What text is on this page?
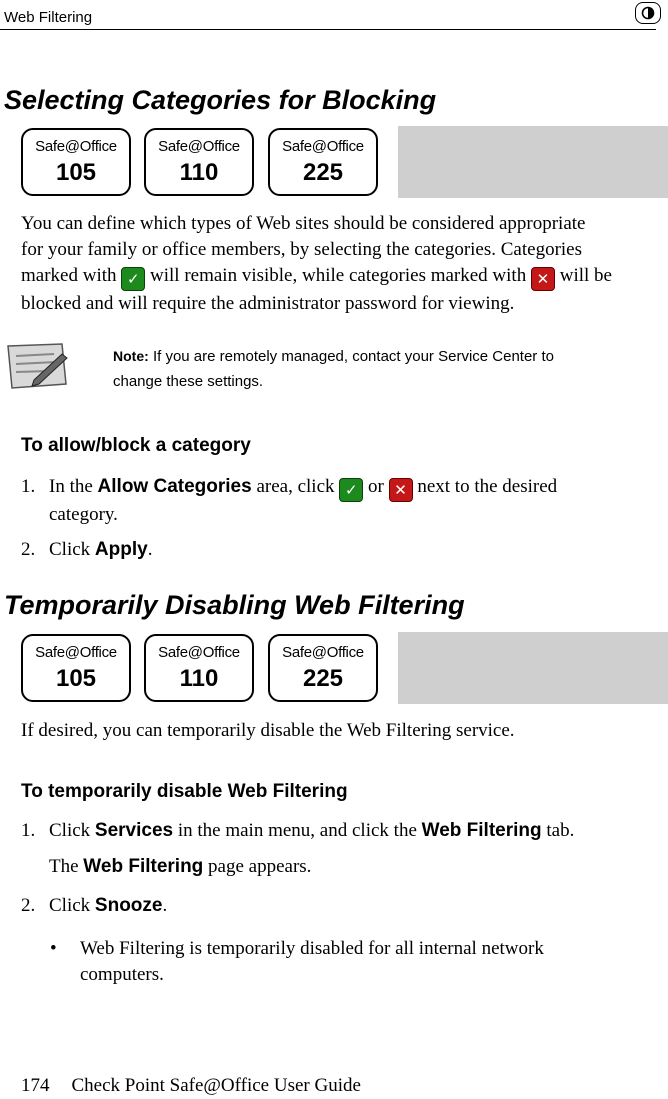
Web Filtering
Selecting Categories for Blocking
Safe@Office
105
Safe@Office
110
Safe@Office
225

You can define which types of Web sites should be considered appropriate
for your family or office members, by selecting the categories. Categories
marked with ✓ will remain visible, while categories marked with ✕ will be
blocked and will require the administrator password for viewing.

Note: If you are remotely managed, contact your Service Center to
change these settings.
To allow/block a category
1. In the Allow Categories area, click ✓ or ✕ next to the desired
category.
2. Click Apply.
Temporarily Disabling Web Filtering
Safe@Office
105
Safe@Office
110
Safe@Office
225

If desired, you can temporarily disable the Web Filtering service.

To temporarily disable Web Filtering
1. Click Services in the main menu, and click the Web Filtering tab.
The Web Filtering page appears.
2. Click Snooze.
• Web Filtering is temporarily disabled for all internal network
computers.
174 Check Point Safe@Office User Guide
